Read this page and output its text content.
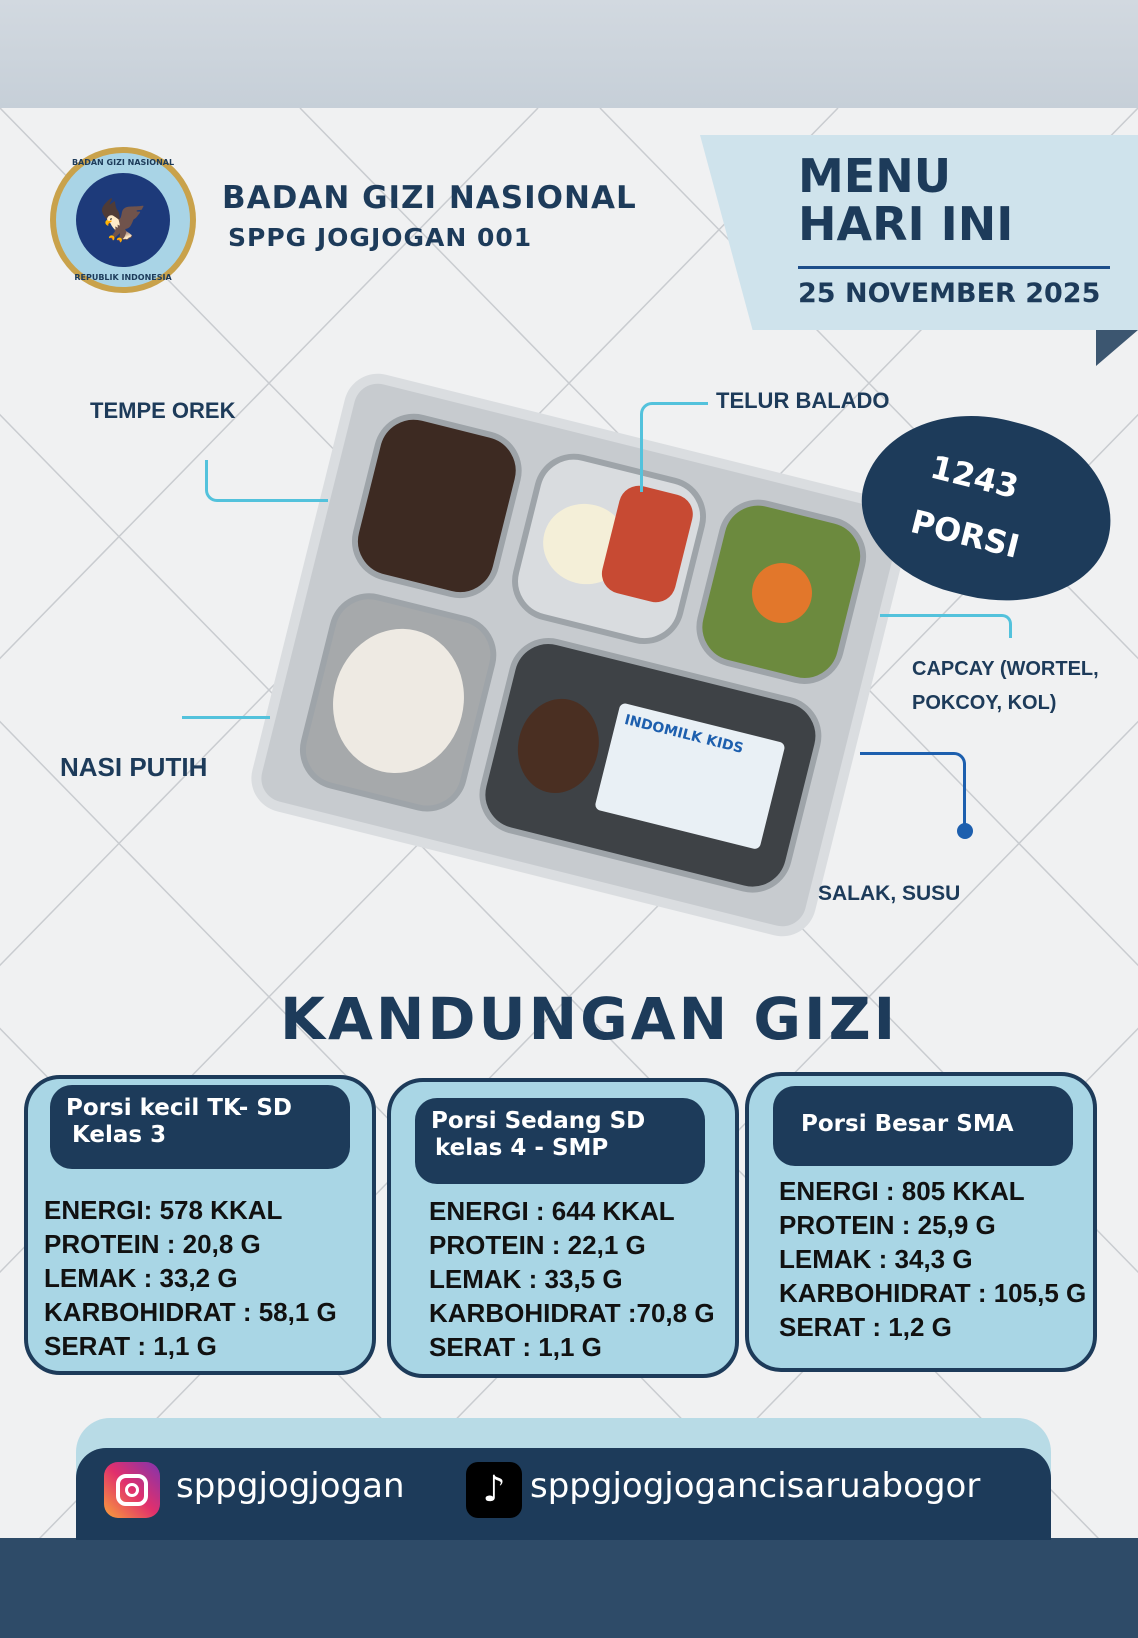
BADAN GIZI NASIONAL
🦅
REPUBLIK INDONESIA
BADAN GIZI NASIONAL
SPPG JOGJOGAN 001
MENU
HARI INI
25 NOVEMBER 2025
INDOMILK KIDS
TEMPE OREK	TELUR BALADO
CAPCAY (WORTEL,
POKCOY, KOL)
NASI PUTIH
SALAK, SUSU
1243
PORSI
KANDUNGAN GIZI
Porsi kecil TK- SD
Kelas 3
ENERGI: 578 KKAL
PROTEIN : 20,8 G
LEMAK : 33,2 G
KARBOHIDRAT : 58,1 G
SERAT : 1,1 G
Porsi Sedang SD
kelas 4 - SMP
ENERGI : 644 KKAL
PROTEIN : 22,1 G
LEMAK : 33,5 G
KARBOHIDRAT :70,8 G
SERAT : 1,1 G
Porsi Besar SMA
ENERGI : 805 KKAL
PROTEIN : 25,9 G
LEMAK : 34,3 G
KARBOHIDRAT : 105,5 G
SERAT : 1,2 G
sppgjogjogan	♪ sppgjogjogancisaruabogor
